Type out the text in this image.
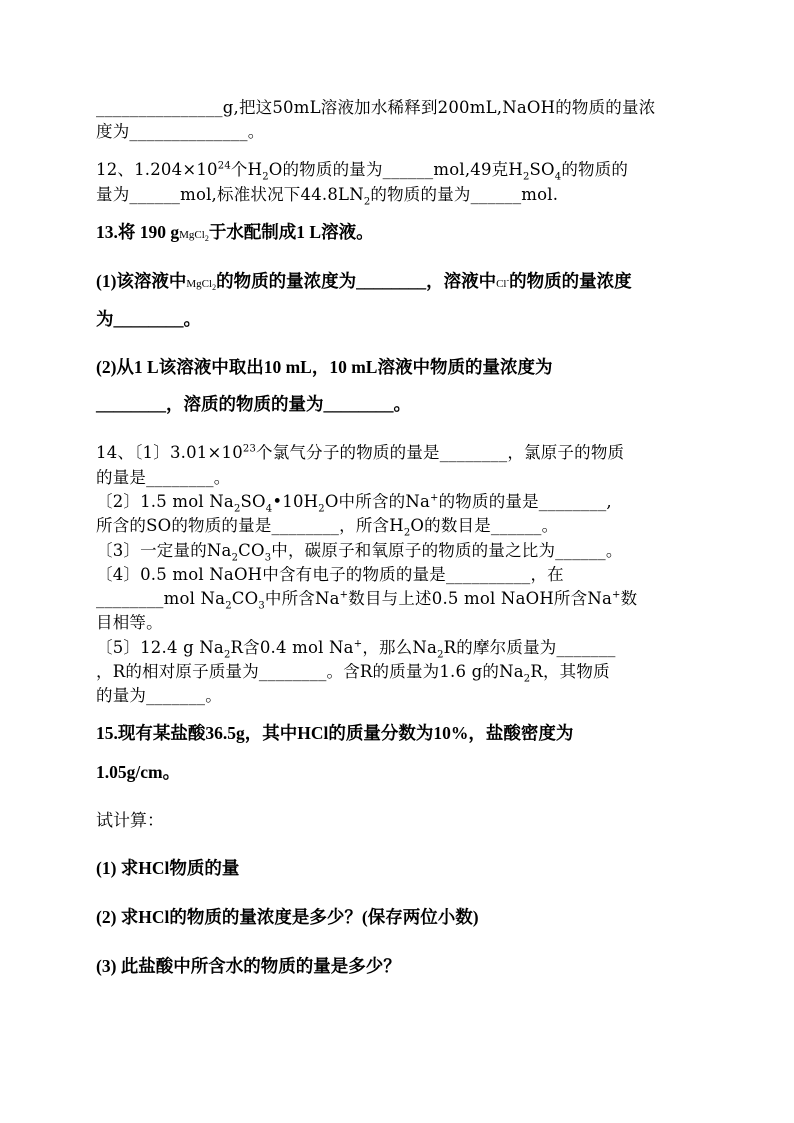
_______________g,把这50mL溶液加水稀释到200mL,NaOH的物质的量浓
度为______________。
12、$1.204\times 10^{24}$个$H_2O$的物质的量为______mol,49克$H_2SO_4$的物质的
量为______mol,标准状况下$44.8LN_2$的物质的量为______mol.
13.将 190 gMgCl$_2$于水配制成1 L溶液。
(1)该溶液中MgCl$_2$的物质的量浓度为________，溶液中Cl-的物质的量浓度
为________。
(2)从1 L该溶液中取出10 mL，10 mL溶液中物质的量浓度为
________，溶质的物质的量为________。
14、〔1〕$3.01\times 10^{23}$个氯气分子的物质的量是________，氯原子的物质
的量是________。
〔2〕1.5 mol $Na_2SO_4•10H_2O$中所含的Na+的物质的量是________,
所含的SO的物质的量是________，所含$H_2O$的数目是______。
〔3〕一定量的$Na_2CO_3$中，碳原子和氧原子的物质的量之比为______。
〔4〕0.5 mol NaOH中含有电子的物质的量是__________，在
________mol $Na_2CO_3$中所含Na+数目与上述0.5 mol NaOH所含Na+数
目相等。
〔5〕12.4 g $Na_2R$含0.4 mol Na+，那么$Na_2R$的摩尔质量为_______
，R的相对原子质量为________。含R的质量为1.6 g的$Na_2R$，其物质
的量为_______。
15.现有某盐酸36.5g，其中HCl的质量分数为10%，盐酸密度为
1.05g/cm。
试计算：
(1) 求HCl物质的量
(2) 求HCl的物质的量浓度是多少？(保存两位小数)
(3) 此盐酸中所含水的物质的量是多少？
